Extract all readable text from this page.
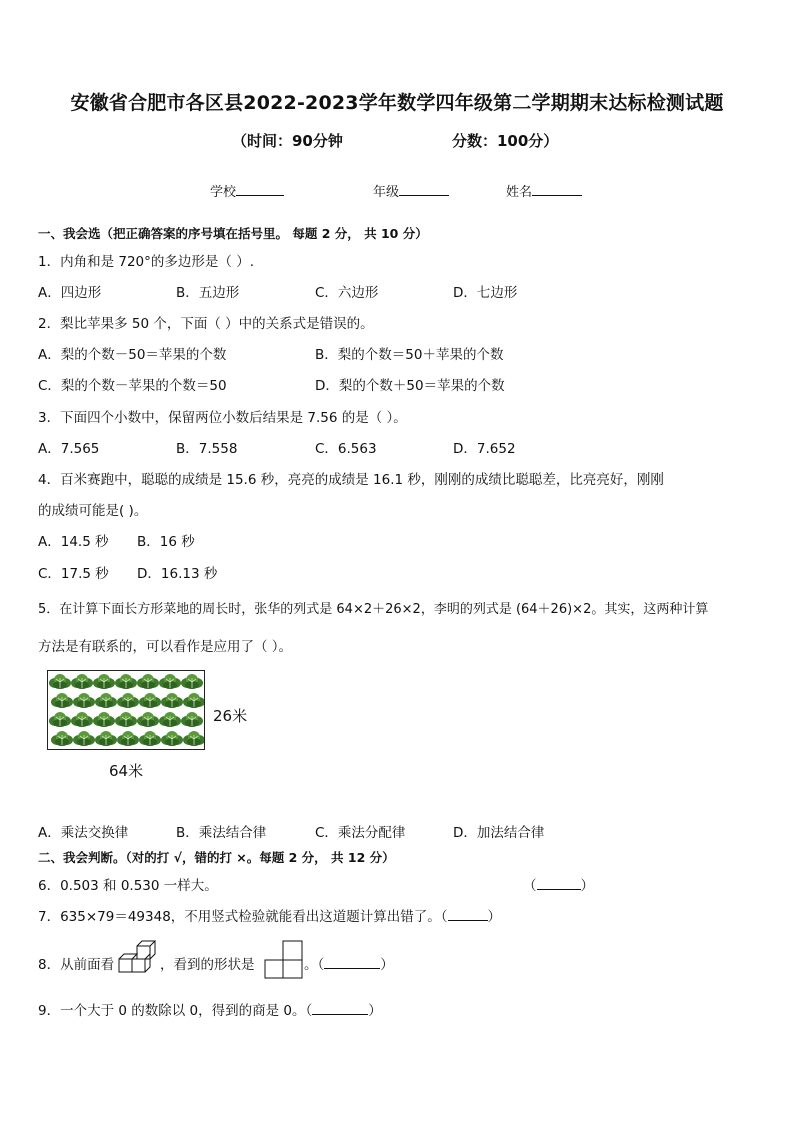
安徽省合肥市各区县2022-2023学年数学四年级第二学期期末达标检测试题
（时间：90分钟	分数：100分）
学校	年级	姓名
一、我会选（把正确答案的序号填在括号里。 每题 2 分， 共 10 分）
1．内角和是 720°的多边形是（ ）.
A．四边形	B．五边形	C．六边形	D．七边形
2．梨比苹果多 50 个，下面（ ）中的关系式是错误的。
A．梨的个数－50＝苹果的个数	B．梨的个数＝50＋苹果的个数
C．梨的个数－苹果的个数＝50	D．梨的个数＋50＝苹果的个数
3．下面四个小数中，保留两位小数后结果是 7.56 的是（ ）。
A．7.565	B．7.558	C．6.563	D．7.652
4．百米赛跑中，聪聪的成绩是 15.6 秒，亮亮的成绩是 16.1 秒，刚刚的成绩比聪聪差，比亮亮好，刚刚
的成绩可能是( )。
A．14.5 秒 B．16 秒
C．17.5 秒 D．16.13 秒
5．在计算下面长方形菜地的周长时，张华的列式是 64×2＋26×2，李明的列式是 (64＋26)×2。其实，这两种计算
方法是有联系的，可以看作是应用了（ ）。
26米
64米
A．乘法交换律	B．乘法结合律	C．乘法分配律	D．加法结合律
二、我会判断。（对的打 √，错的打 ×。每题 2 分， 共 12 分）
6．0.503 和 0.530 一样大。	（	）
7．635×79＝49348，不用竖式检验就能看出这道题计算出错了。（	）
8．从前面看	，看到的形状是	。（	）
9．一个大于 0 的数除以 0，得到的商是 0。（	）
